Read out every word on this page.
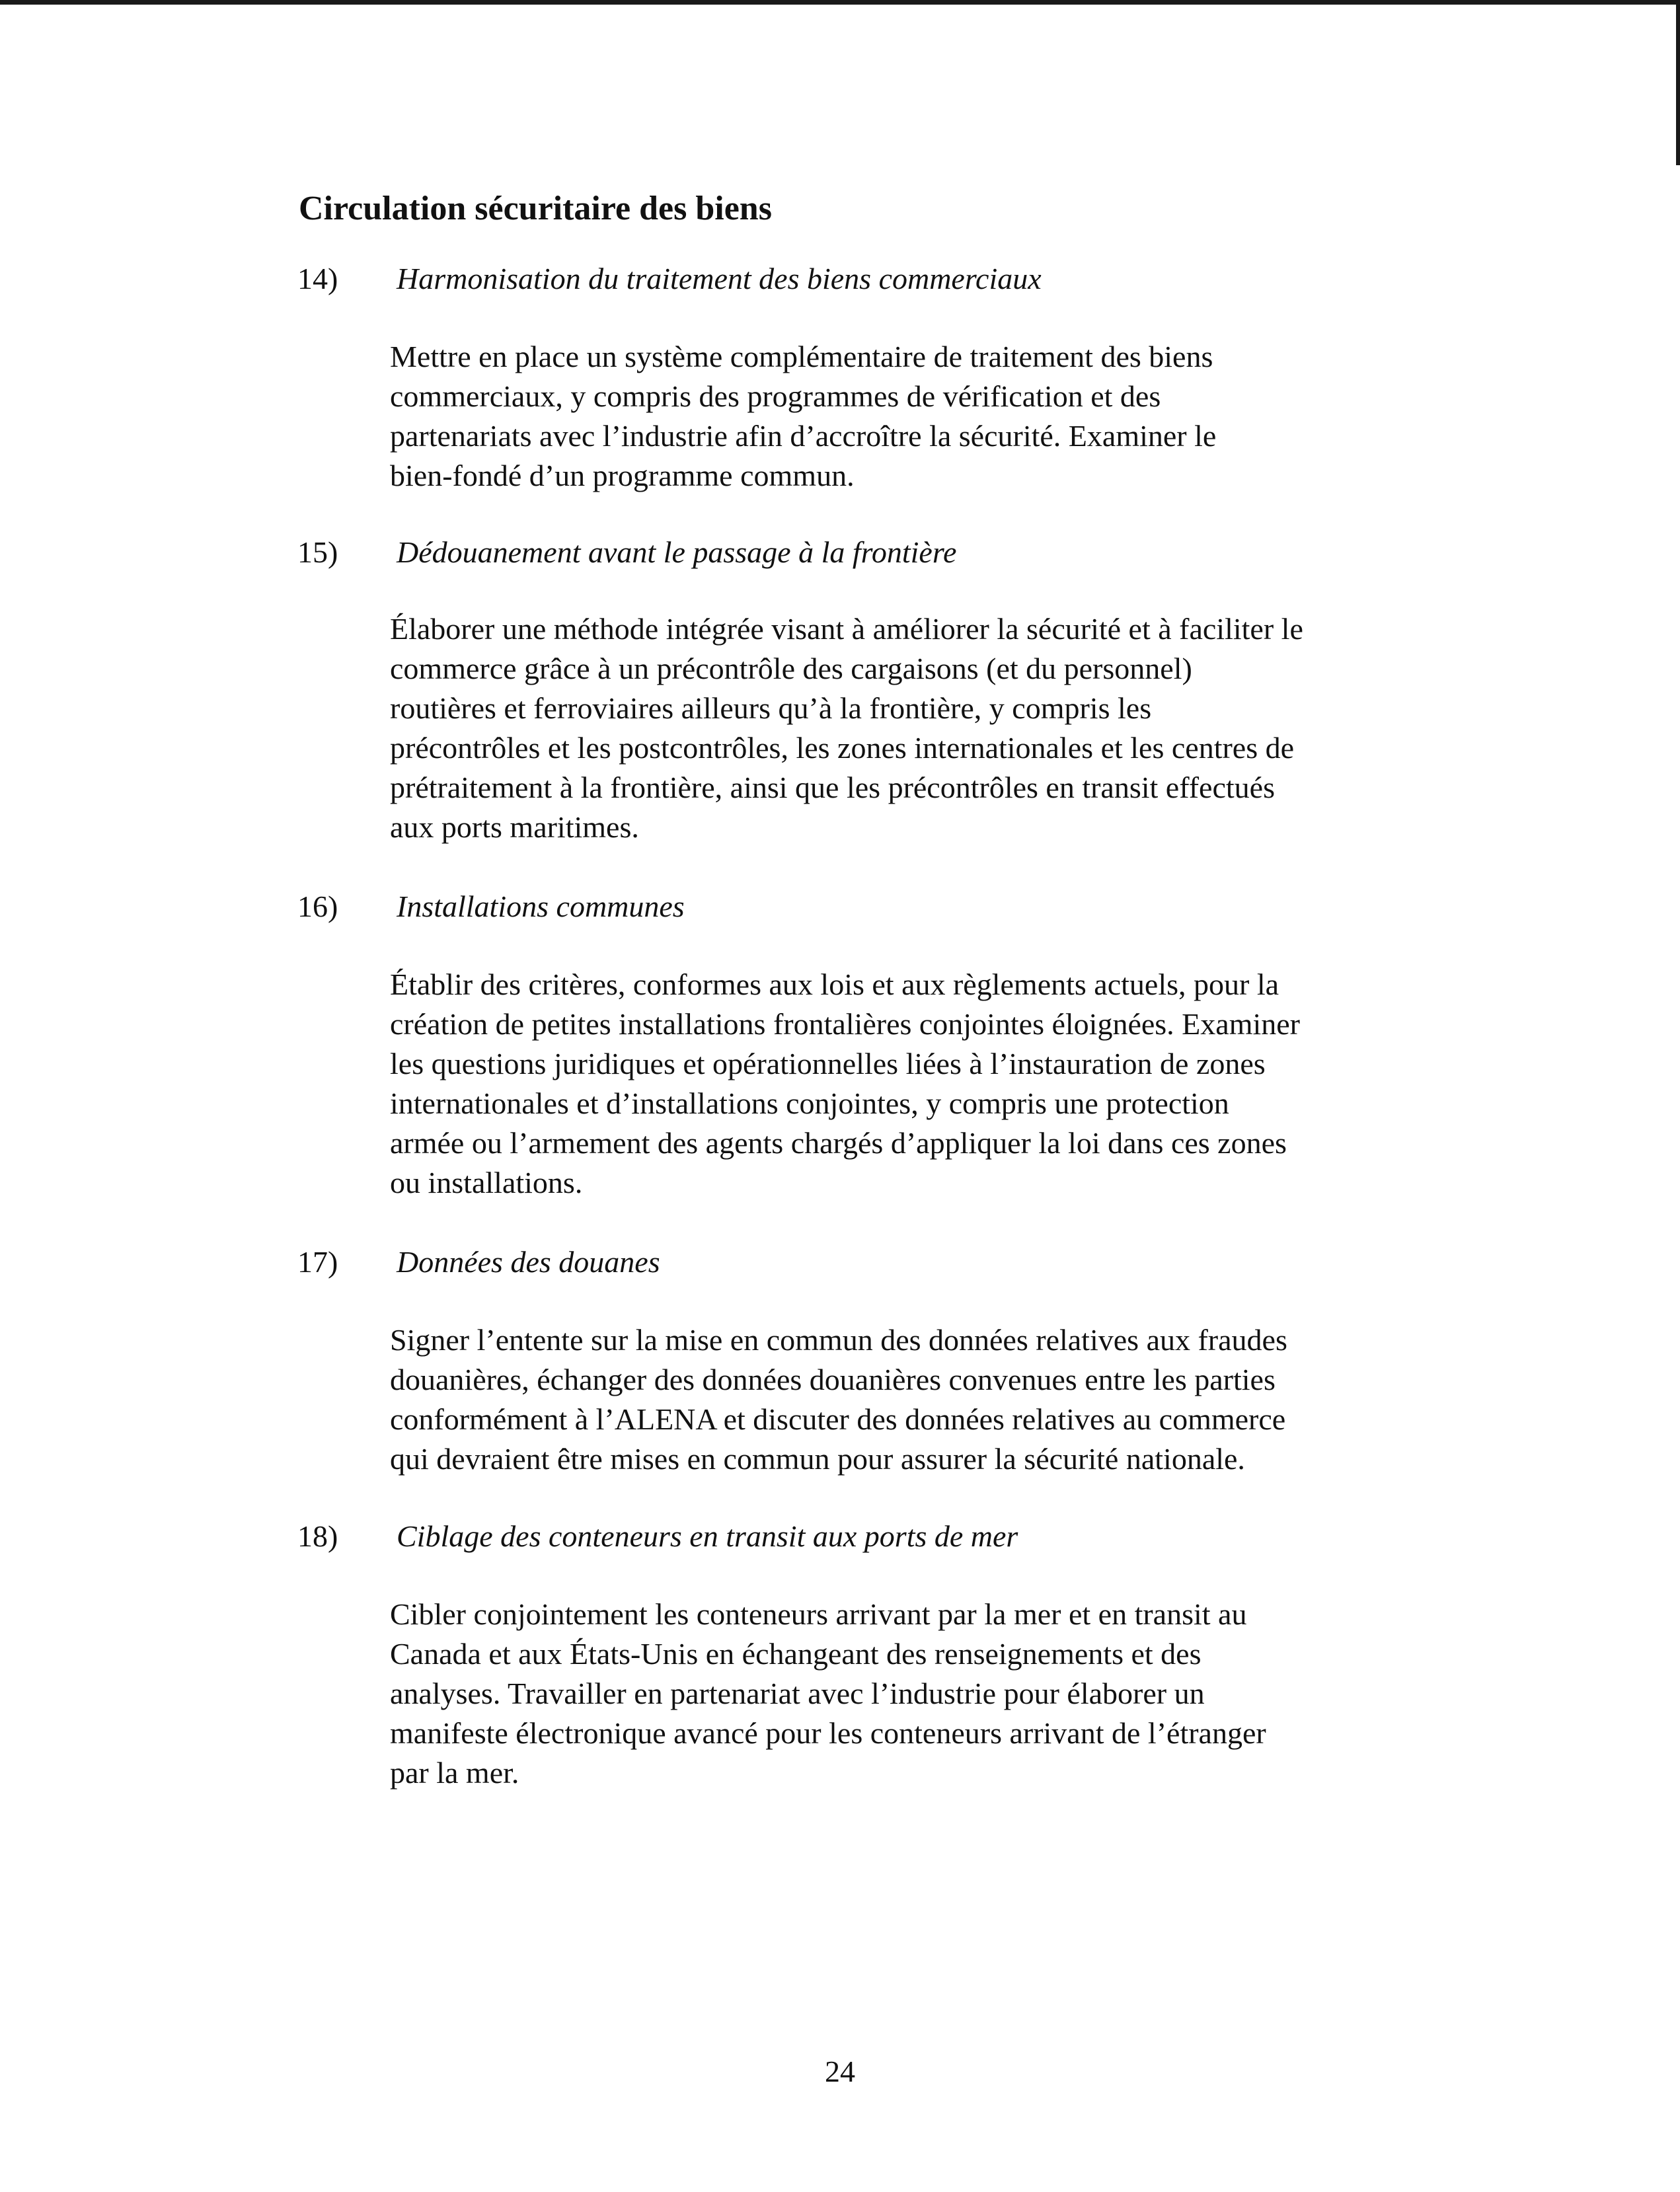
Circulation sécuritaire des biens
14) Harmonisation du traitement des biens commerciaux

Mettre en place un système complémentaire de traitement des biens
commerciaux, y compris des programmes de vérification et des
partenariats avec l’industrie afin d’accroître la sécurité. Examiner le
bien-fondé d’un programme commun.

15) Dédouanement avant le passage à la frontière

Élaborer une méthode intégrée visant à améliorer la sécurité et à faciliter le
commerce grâce à un précontrôle des cargaisons (et du personnel)
routières et ferroviaires ailleurs qu’à la frontière, y compris les
précontrôles et les postcontrôles, les zones internationales et les centres de
prétraitement à la frontière, ainsi que les précontrôles en transit effectués
aux ports maritimes.

16) Installations communes

Établir des critères, conformes aux lois et aux règlements actuels, pour la
création de petites installations frontalières conjointes éloignées. Examiner
les questions juridiques et opérationnelles liées à l’instauration de zones
internationales et d’installations conjointes, y compris une protection
armée ou l’armement des agents chargés d’appliquer la loi dans ces zones
ou installations.

17) Données des douanes

Signer l’entente sur la mise en commun des données relatives aux fraudes
douanières, échanger des données douanières convenues entre les parties
conformément à l’ALENA et discuter des données relatives au commerce
qui devraient être mises en commun pour assurer la sécurité nationale.

18) Ciblage des conteneurs en transit aux ports de mer

Cibler conjointement les conteneurs arrivant par la mer et en transit au
Canada et aux États-Unis en échangeant des renseignements et des
analyses. Travailler en partenariat avec l’industrie pour élaborer un
manifeste électronique avancé pour les conteneurs arrivant de l’étranger
par la mer.

24
